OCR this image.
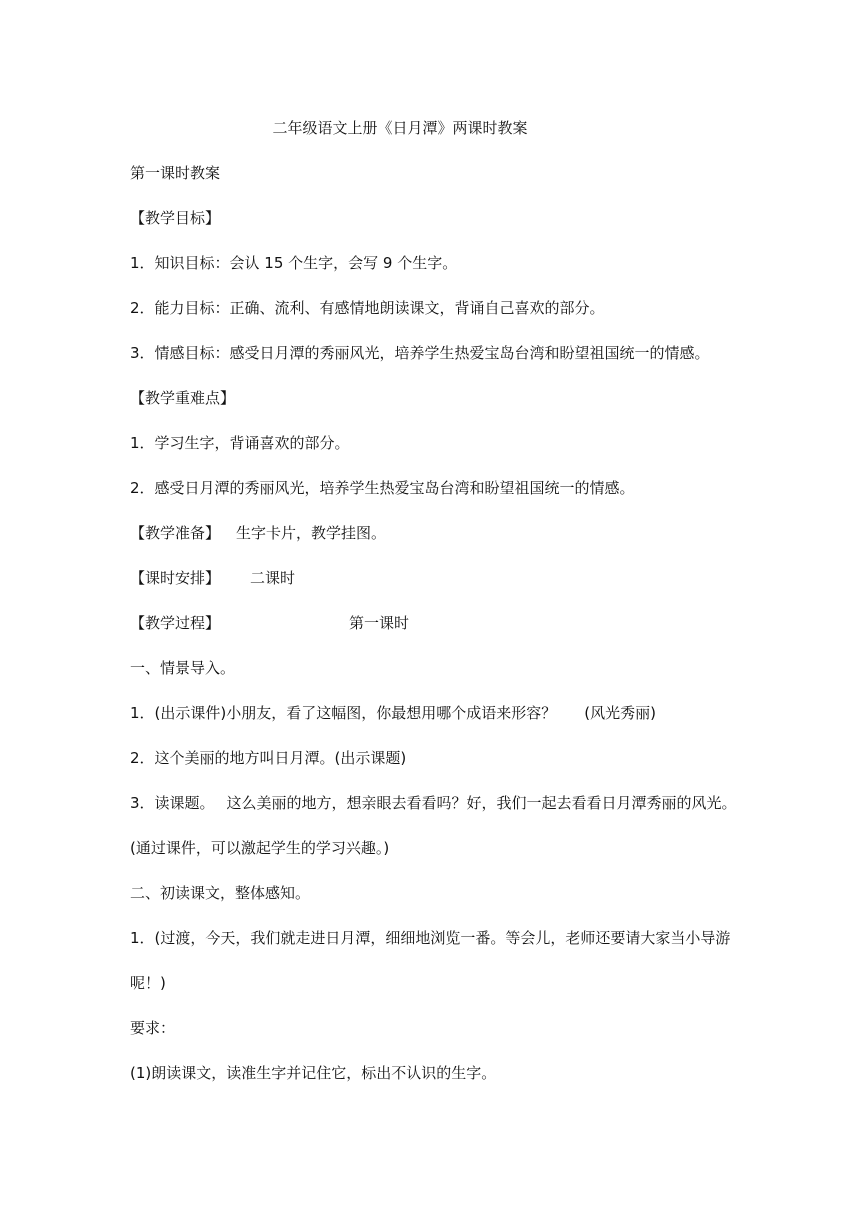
二年级语文上册《日月潭》两课时教案
第一课时教案
【教学目标】
1．知识目标：会认 15 个生字，会写 9 个生字。
2．能力目标：正确、流利、有感情地朗读课文，背诵自己喜欢的部分。
3．情感目标：感受日月潭的秀丽风光，培养学生热爱宝岛台湾和盼望祖国统一的情感。
【教学重难点】
1．学习生字，背诵喜欢的部分。
2．感受日月潭的秀丽风光，培养学生热爱宝岛台湾和盼望祖国统一的情感。
【教学准备】 生字卡片，教学挂图。
【课时安排】 二课时
【教学过程】	第一课时
一、情景导入。
1．(出示课件)小朋友，看了这幅图，你最想用哪个成语来形容？ (风光秀丽)
2．这个美丽的地方叫日月潭。(出示课题)
3．读课题。 这么美丽的地方，想亲眼去看看吗？好，我们一起去看看日月潭秀丽的风光。
(通过课件，可以激起学生的学习兴趣。)
二、初读课文，整体感知。
1．(过渡，今天，我们就走进日月潭，细细地浏览一番。等会儿，老师还要请大家当小导游
呢！)
要求：
(1)朗读课文，读准生字并记住它，标出不认识的生字。
